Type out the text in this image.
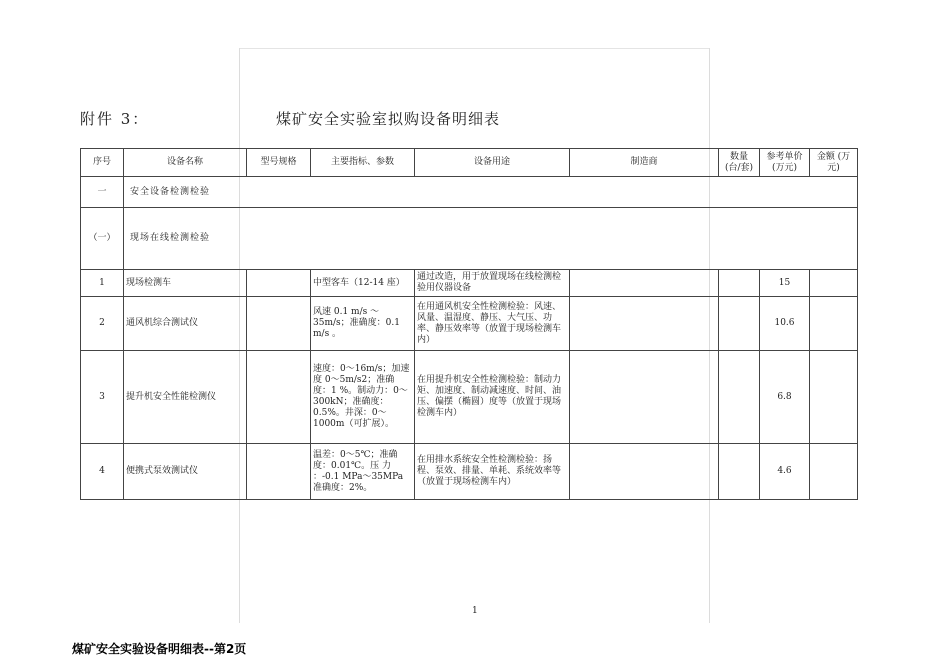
附件 3：	煤矿安全实验室拟购设备明细表
序号	设备名称	型号规格	主要指标、参数	设备用途	制造商	数量 (台/套)	参考单价 (万元)	金额 (万元)
一	安全设备检测检验							
（一）	现场在线检测检验							
1	现场检测车		中型客车（12-14 座）	通过改造，用于放置现场在线检测检验用仪器设备			15	
2	通风机综合测试仪		风速 0.1 m/s ～35m/s；准确度：0.1 m/s 。	在用通风机安全性检测检验：风速、风量、温湿度、静压、大气压、功率、静压效率等（放置于现场检测车内）			10.6	
3	提升机安全性能检测仪		速度：0～16m/s；加速度 0～5m/s2；准确度：1 %。制动力：0～300kN；准确度：0.5%。井深：0～1000m（可扩展）。	在用提升机安全性检测检验：制动力矩、加速度、制动减速度、时间、油压、偏摆（椭圆）度等（放置于现场检测车内）			6.8	
4	便携式泵效测试仪		温差：0～5℃；准确度：0.01℃。压 力 ：-0.1 MPa～35MPa 准确度：2%。	在用排水系统安全性检测检验：扬程、泵效、排量、单耗、系统效率等（放置于现场检测车内）			4.6	
1
煤矿安全实验设备明细表--第2页
